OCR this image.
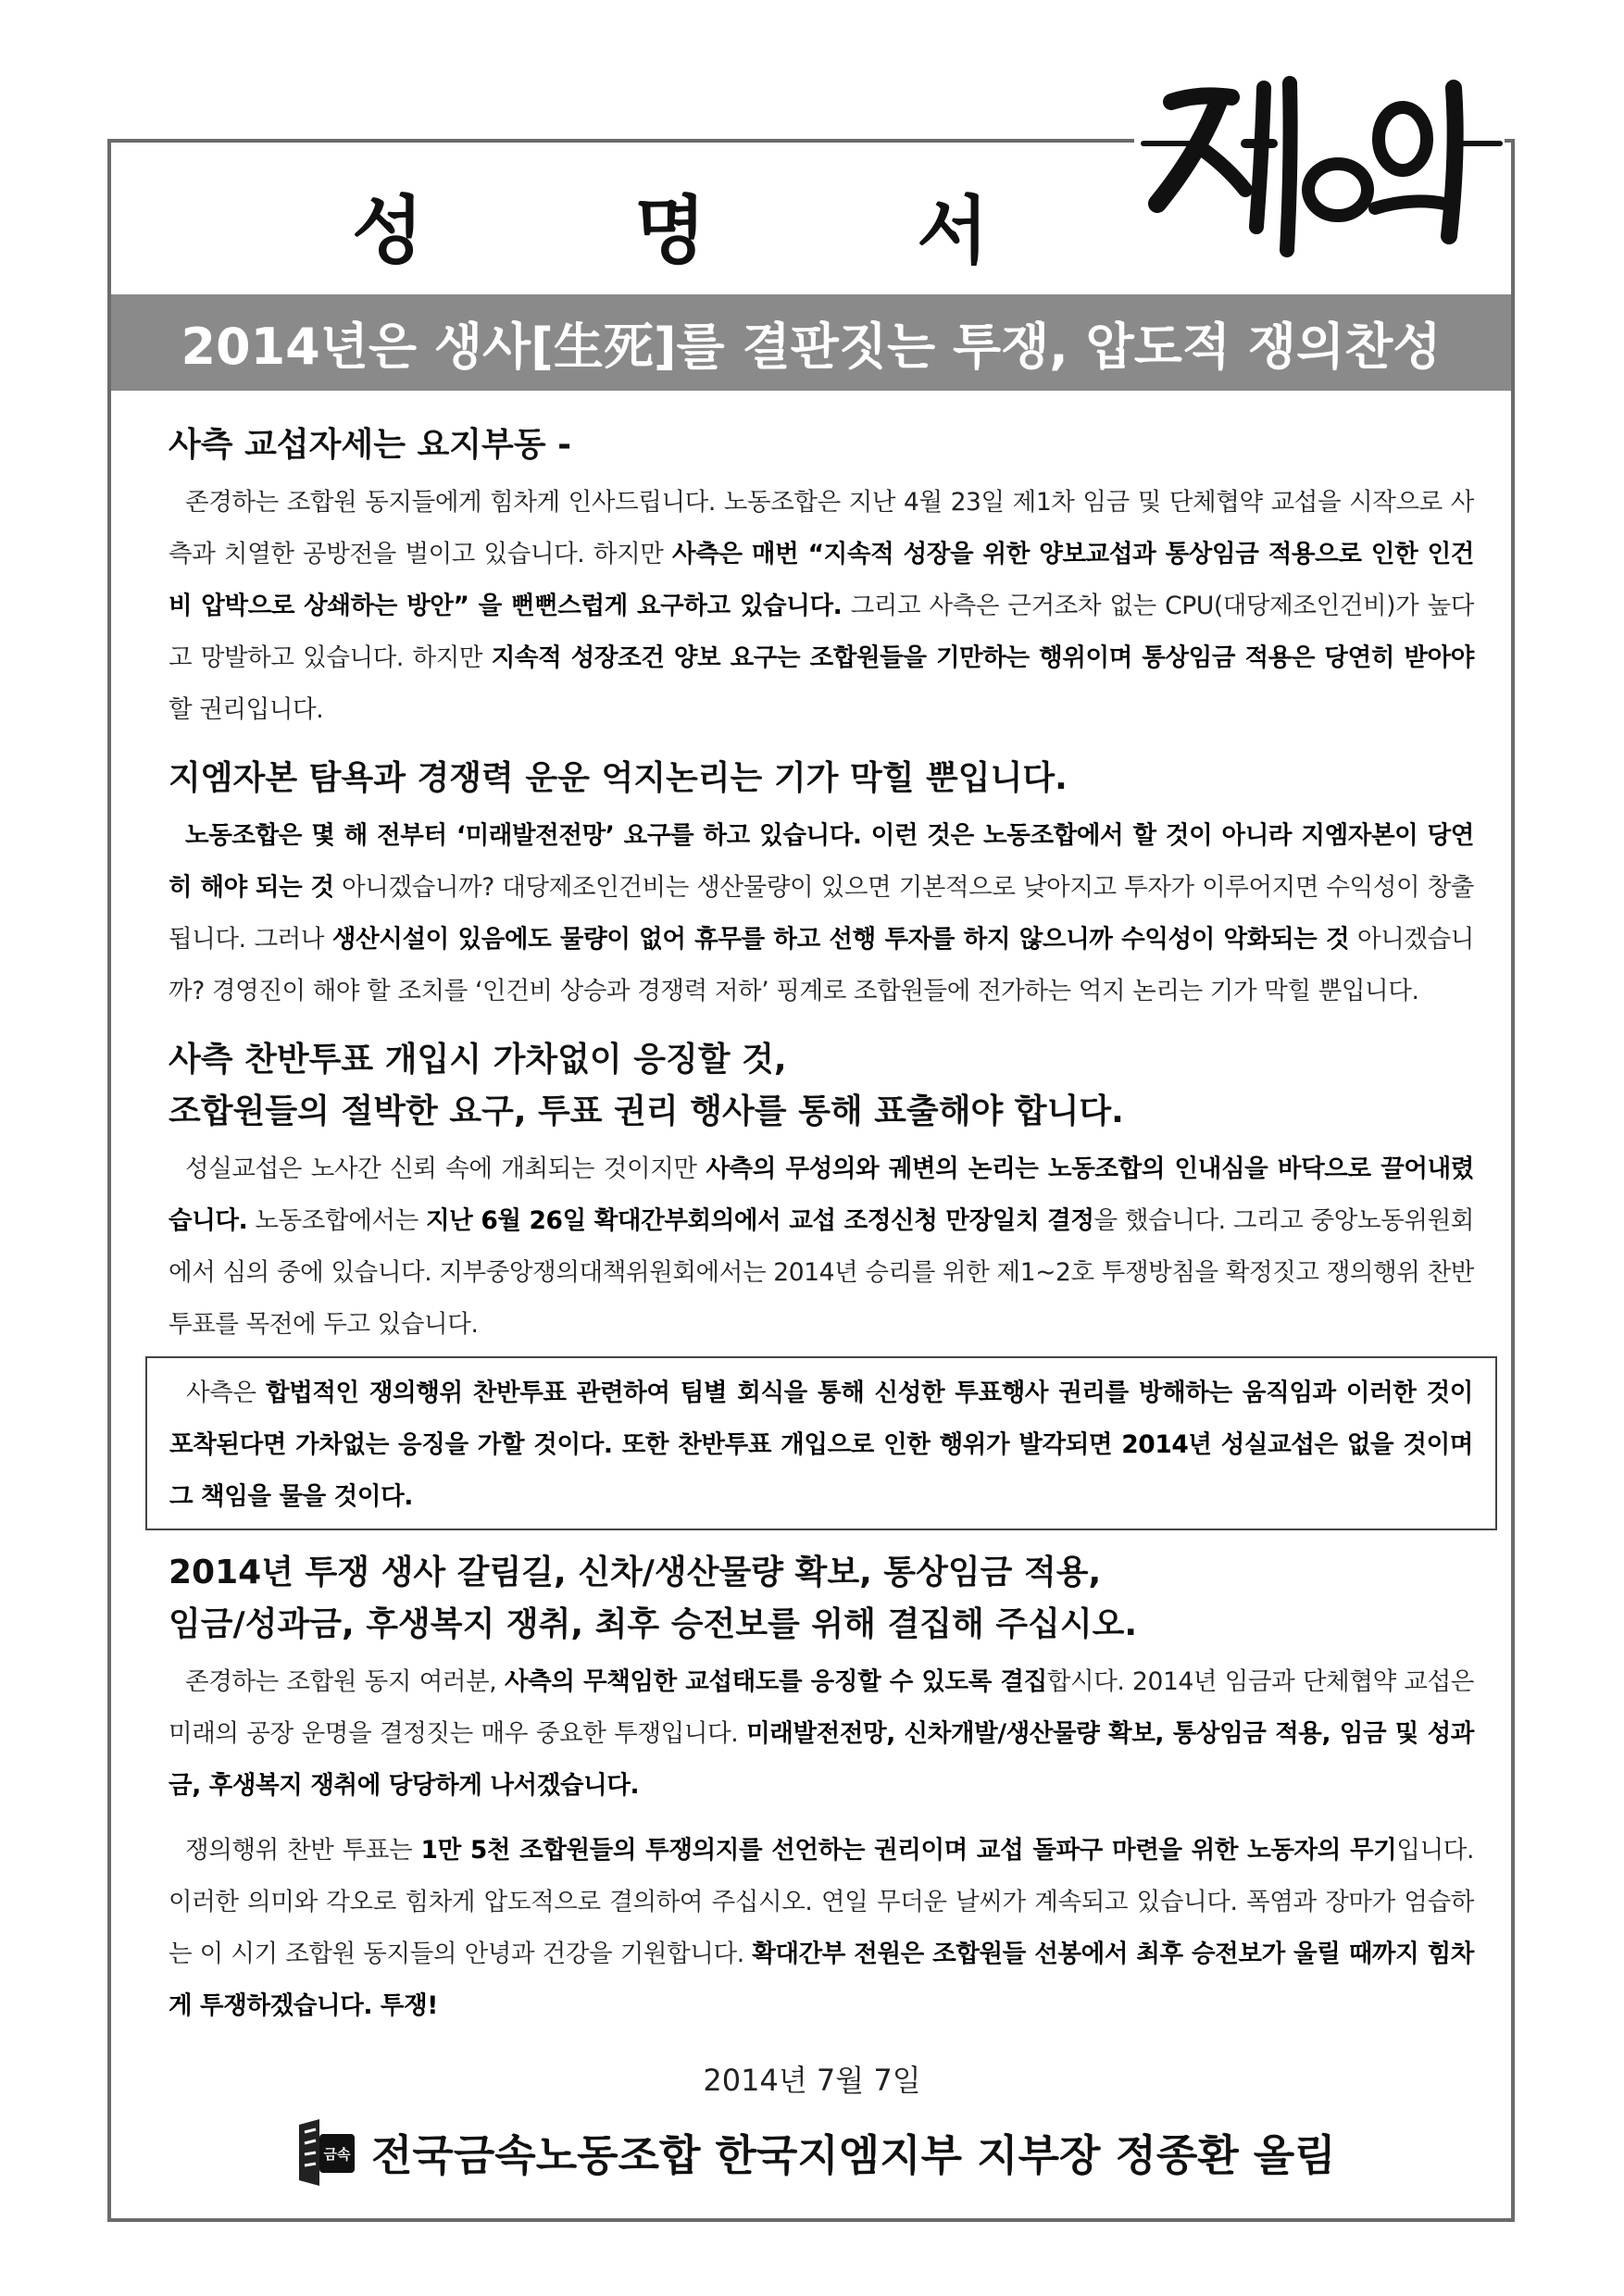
성 명 서
2014년은 생사[生死]를 결판짓는 투쟁, 압도적 쟁의찬성
사측 교섭자세는 요지부동 -

존경하는 조합원 동지들에게 힘차게 인사드립니다. 노동조합은 지난 4월 23일 제1차 임금 및 단체협약 교섭을 시작으로 사측과 치열한 공방전을 벌이고 있습니다. 하지만 사측은 매번 “지속적 성장을 위한 양보교섭과 통상임금 적용으로 인한 인건비 압박으로 상쇄하는 방안” 을 뻔뻔스럽게 요구하고 있습니다. 그리고 사측은 근거조차 없는 CPU(대당제조인건비)가 높다고 망발하고 있습니다. 하지만 지속적 성장조건 양보 요구는 조합원들을 기만하는 행위이며 통상임금 적용은 당연히 받아야 할 권리입니다.

지엠자본 탐욕과 경쟁력 운운 억지논리는 기가 막힐 뿐입니다.

노동조합은 몇 해 전부터 ‘미래발전전망’ 요구를 하고 있습니다. 이런 것은 노동조합에서 할 것이 아니라 지엠자본이 당연히 해야 되는 것 아니겠습니까? 대당제조인건비는 생산물량이 있으면 기본적으로 낮아지고 투자가 이루어지면 수익성이 창출됩니다. 그러나 생산시설이 있음에도 물량이 없어 휴무를 하고 선행 투자를 하지 않으니까 수익성이 악화되는 것 아니겠습니까? 경영진이 해야 할 조치를 ‘인건비 상승과 경쟁력 저하’ 핑계로 조합원들에 전가하는 억지 논리는 기가 막힐 뿐입니다.

사측 찬반투표 개입시 가차없이 응징할 것,
조합원들의 절박한 요구, 투표 권리 행사를 통해 표출해야 합니다.

성실교섭은 노사간 신뢰 속에 개최되는 것이지만 사측의 무성의와 궤변의 논리는 노동조합의 인내심을 바닥으로 끌어내렸습니다. 노동조합에서는 지난 6월 26일 확대간부회의에서 교섭 조정신청 만장일치 결정을 했습니다. 그리고 중앙노동위원회에서 심의 중에 있습니다. 지부중앙쟁의대책위원회에서는 2014년 승리를 위한 제1~2호 투쟁방침을 확정짓고 쟁의행위 찬반투표를 목전에 두고 있습니다.

사측은 합법적인 쟁의행위 찬반투표 관련하여 팀별 회식을 통해 신성한 투표행사 권리를 방해하는 움직임과 이러한 것이 포착된다면 가차없는 응징을 가할 것이다. 또한 찬반투표 개입으로 인한 행위가 발각되면 2014년 성실교섭은 없을 것이며 그 책임을 물을 것이다.

2014년 투쟁 생사 갈림길, 신차/생산물량 확보, 통상임금 적용,
임금/성과금, 후생복지 쟁취, 최후 승전보를 위해 결집해 주십시오.

존경하는 조합원 동지 여러분, 사측의 무책임한 교섭태도를 응징할 수 있도록 결집합시다. 2014년 임금과 단체협약 교섭은 미래의 공장 운명을 결정짓는 매우 중요한 투쟁입니다. 미래발전전망, 신차개발/생산물량 확보, 통상임금 적용, 임금 및 성과금, 후생복지 쟁취에 당당하게 나서겠습니다.

쟁의행위 찬반 투표는 1만 5천 조합원들의 투쟁의지를 선언하는 권리이며 교섭 돌파구 마련을 위한 노동자의 무기입니다. 이러한 의미와 각오로 힘차게 압도적으로 결의하여 주십시오. 연일 무더운 날씨가 계속되고 있습니다. 폭염과 장마가 엄습하는 이 시기 조합원 동지들의 안녕과 건강을 기원합니다. 확대간부 전원은 조합원들 선봉에서 최후 승전보가 울릴 때까지 힘차게 투쟁하겠습니다. 투쟁!

2014년 7월 7일
금속 전국금속노동조합 한국지엠지부 지부장 정종환 올림
